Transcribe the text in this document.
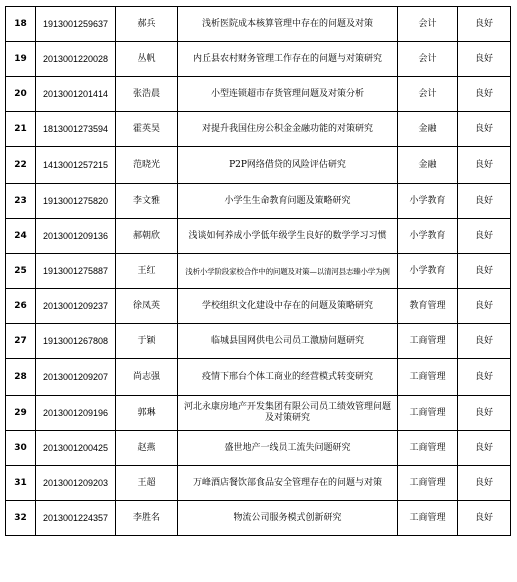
18	1913001259637	郝兵	浅析医院成本核算管理中存在的问题及对策	会计	良好
19	2013001220028	丛帆	内丘县农村财务管理工作存在的问题与对策研究	会计	良好
20	2013001201414	张浩晨	小型连锁超市存货管理问题及对策分析	会计	良好
21	1813001273594	霍英昊	对提升我国住房公积金金融功能的对策研究	金融	良好
22	1413001257215	范晓光	P2P网络借贷的风险评估研究	金融	良好
23	1913001275820	李文雅	小学生生命教育问题及策略研究	小学教育	良好
24	2013001209136	郝朝欣	浅谈如何养成小学低年级学生良好的数学学习习惯	小学教育	良好
25	1913001275887	王红	浅析小学阶段家校合作中的问题及对策—以清河县志臻小学为例	小学教育	良好
26	2013001209237	徐凤英	学校组织文化建设中存在的问题及策略研究	教育管理	良好
27	1913001267808	于颖	临城县国网供电公司员工激励问题研究	工商管理	良好
28	2013001209207	尚志强	疫情下邢台个体工商业的经营模式转变研究	工商管理	良好
29	2013001209196	郭琳	河北永康房地产开发集团有限公司员工绩效管理问题及对策研究	工商管理	良好
30	2013001200425	赵燕	盛世地产一线员工流失问题研究	工商管理	良好
31	2013001209203	王超	万峰酒店餐饮部食品安全管理存在的问题与对策	工商管理	良好
32	2013001224357	李胜名	物流公司服务模式创新研究	工商管理	良好
